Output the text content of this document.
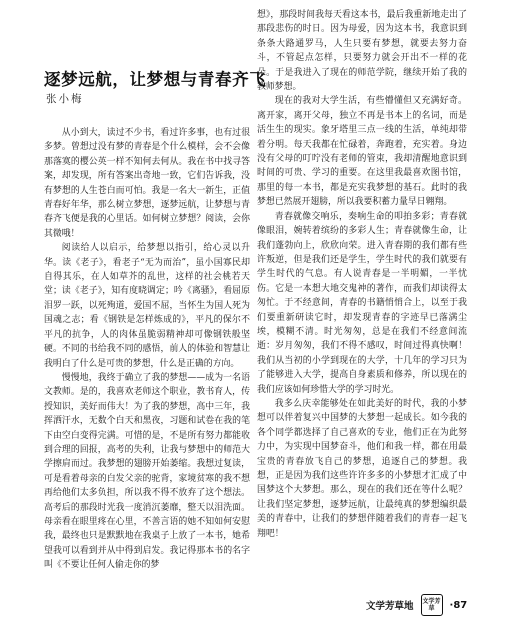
逐梦远航，让梦想与青春齐飞
张小梅

从小到大，读过不少书，看过许多事，也有过很多梦。曾想过没有梦的青春是个什么模样，会不会像那落寞的樱公英一样不知何去何从。我在书中找寻答案，却发现，所有答案出奇地一致，它们告诉我，没有梦想的人生苍白而可怕。我是一名大一新生，正值青春好年华，那么树立梦想，逐梦远航，让梦想与青春齐飞便是我的心里话。如何树立梦想？阅读，会你其微哦！

阅读给人以启示，给梦想以指引，给心灵以升华。读《老子》，看老子“无为而治”，虽小国寡民却自得其乐，在人如草芥的乱世，这样的社会桃若天堂；读《老子》，知有度晓调定；吟《离骚》，看屈原泪罗一跃，以死殉道，爱国不屈，当怀生为国人死为国魂之志；看《钢铁是怎样炼成的》，平凡的保尔不平凡的抗争，人的肉体虽脆弱精神却可像钢铁般坚硬。不同的书给我不同的感悟，前人的体验和智慧让我明白了什么是可贵的梦想，什么是正确的方向。

慢慢地，我终于确立了我的梦想——成为一名语文教师。是的，我喜欢老师这个职业，教书育人，传授知识，美好而伟大！为了我的梦想，高中三年，我挥洒汗水，无数个白天和黑夜，习题和试卷在我的笔下由空白变得完满。可惜的是，不是所有努力都能收到合理的回报，高考的失利，让我与梦想中的师范大学擦肩而过。我梦想的翅膀开始萎缩。我想过复读，可是看着母亲的白发父亲的驼背，家境贫寒的我不想再给他们太多负担，所以我不得不放弃了这个想法。高考后的那段时光我一度消沉萎靡，整天以泪洗面。母亲看在眼里疼在心里，不善言语的她不知如何安慰我，最终也只是默默地在我桌子上放了一本书，她希望我可以看到并从中得到启发。我记得那本书的名字叫《不要让任何人偷走你的梦

想》，那段时间我每天看这本书，最后我重新地走出了那段悲伤的时日。因为母爱，因为这本书，我意识到条条大路通罗马，人生只要有梦想，就要去努力奋斗，不管起点怎样，只要努力就会开出不一样的花朵。于是我进入了现在的师范学院，继续开始了我的教师梦想。

现在的我对大学生活，有些懵懂但又充满好奇。离开家，离开父母，独立不再是书本上的名词，而是活生生的现实。象牙塔里三点一线的生活，单纯却带着分明。每天我都在忙碌着，奔跑着，充实着。身边没有父母的叮咛没有老师的管束，我却清醒地意识到时间的可贵、学习的重要。在这里我最喜欢图书馆，那里的每一本书，都是充实我梦想的基石。此时的我梦想已然展开翅膀，所以我要积蓄力量早日翱翔。

青春就像交响乐，奏响生命的叩拍多彩；青春就像眼泪，婉转着缤纷的多彩人生；青春就像生命，让我们蓬勃向上，欣欣向荣。进入青春期的我们都有些许叛逆，但是我们还是学生，学生时代的我们就要有学生时代的气息。有人说青春是一半明媚，一半忧伤。它是一本想大地交鬼神的著作，而我们却读得太匆忙。于不经意间，青春的书籍悄悄合上，以至于我们要重新研读它时，却发现青春的字迹早已落满尘埃，模糊不清。时光匆匆，总是在我们不经意间流逝：岁月匆匆，我们不得不感叹，时间过得真快啊！我们从当初的小学到现在的大学，十几年的学习只为了能够进入大学，提高自身素质和修养，所以现在的我们应该如何珍惜大学的学习时光。

我多么庆幸能够处在如此美好的时代，我的小梦想可以伴着复兴中国梦的大梦想一起成长。如今我的各个同学都选择了自己喜欢的专业，他们正在为此努力中，为实现中国梦奋斗，他们和我一样，都在用最宝贵的青春放飞自己的梦想，追逐自己的梦想。我想，正是因为我们这些许许多多的小梦想才汇成了中国梦这个大梦想。那么，现在的我们还在等什么呢？让我们坚定梦想，逐梦远航，让最纯真的梦想编织最美的青春中，让我们的梦想伴随着我们的青春一起飞翔吧！

文学芳草地	文学芳草	·87
